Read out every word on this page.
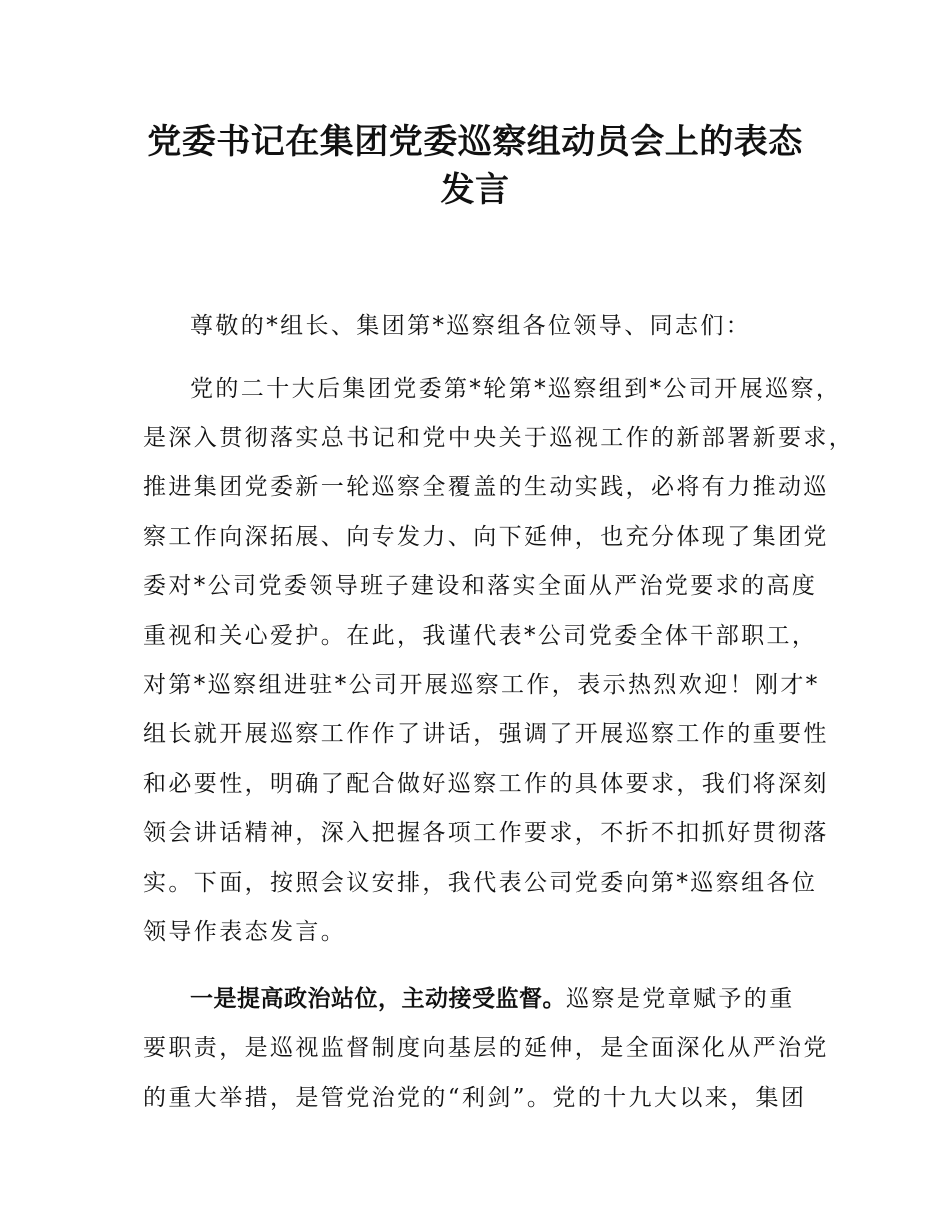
党委书记在集团党委巡察组动员会上的表态
发言
尊敬的*组长、集团第*巡察组各位领导、同志们：
党的二十大后集团党委第*轮第*巡察组到*公司开展巡察，
是深入贯彻落实总书记和党中央关于巡视工作的新部署新要求，
推进集团党委新一轮巡察全覆盖的生动实践，必将有力推动巡
察工作向深拓展、向专发力、向下延伸，也充分体现了集团党
委对*公司党委领导班子建设和落实全面从严治党要求的高度
重视和关心爱护。在此，我谨代表*公司党委全体干部职工，
对第*巡察组进驻*公司开展巡察工作，表示热烈欢迎！刚才*
组长就开展巡察工作作了讲话，强调了开展巡察工作的重要性
和必要性，明确了配合做好巡察工作的具体要求，我们将深刻
领会讲话精神，深入把握各项工作要求，不折不扣抓好贯彻落
实。下面，按照会议安排，我代表公司党委向第*巡察组各位
领导作表态发言。
一是提高政治站位，主动接受监督。巡察是党章赋予的重
要职责，是巡视监督制度向基层的延伸，是全面深化从严治党
的重大举措，是管党治党的“利剑”。党的十九大以来，集团
